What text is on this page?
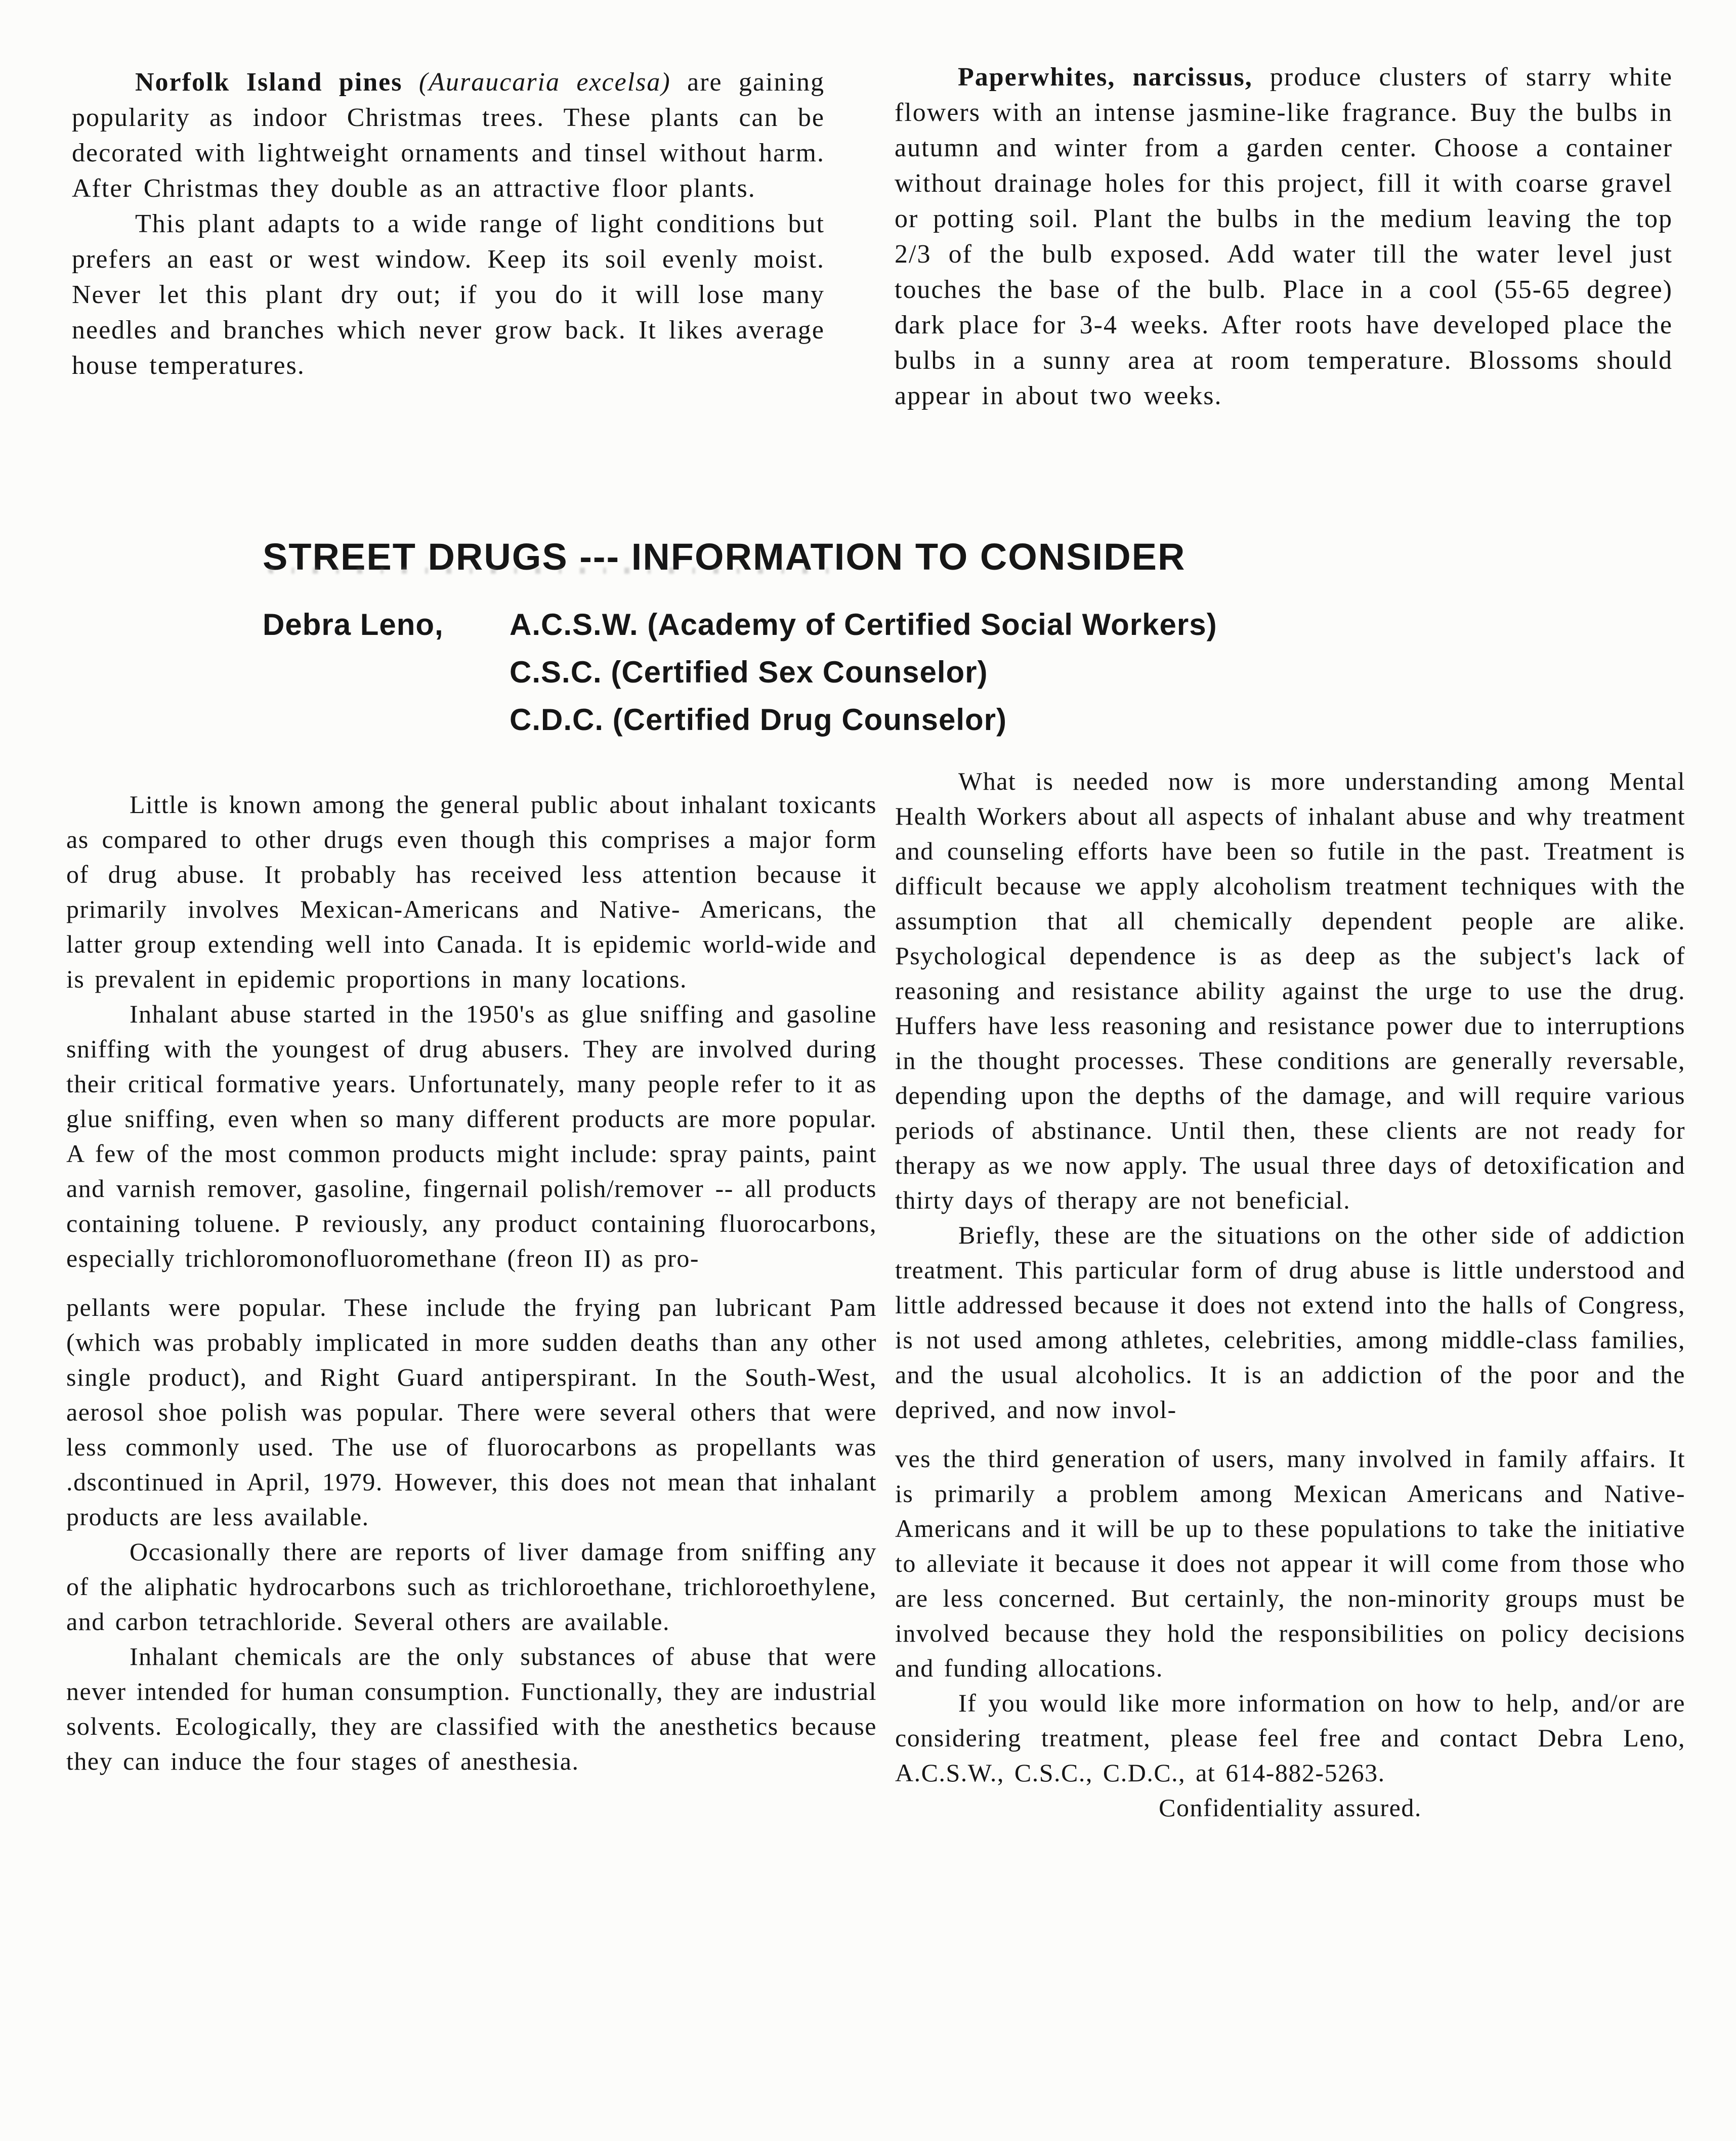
Norfolk Island pines (Auraucaria excelsa) are gaining popularity as indoor Christmas trees. These plants can be decorated with lightweight ornaments and tinsel without harm. After Christmas they double as an attractive floor plants.

This plant adapts to a wide range of light conditions but prefers an east or west window. Keep its soil evenly moist. Never let this plant dry out; if you do it will lose many needles and branches which never grow back. It likes average house temperatures.

Paperwhites, narcissus, produce clusters of starry white flowers with an intense jasmine-like fragrance. Buy the bulbs in autumn and winter from a garden center. Choose a container without drainage holes for this project, fill it with coarse gravel or potting soil. Plant the bulbs in the medium leaving the top 2/3 of the bulb exposed. Add water till the water level just touches the base of the bulb. Place in a cool (55-65 degree) dark place for 3-4 weeks. After roots have developed place the bulbs in a sunny area at room temperature. Blossoms should appear in about two weeks.

STREET DRUGS --- INFORMATION TO CONSIDER
Debra Leno,	A.C.S.W. (Academy of Certified Social Workers)
C.S.C. (Certified Sex Counselor)
C.D.C. (Certified Drug Counselor)

Little is known among the general public about inhalant toxicants as compared to other drugs even though this comprises a major form of drug abuse. It probably has received less attention because it primarily involves Mexican-Americans and Native- Americans, the latter group extending well into Canada. It is epidemic world-wide and is prevalent in epidemic proportions in many locations.

Inhalant abuse started in the 1950's as glue sniffing and gasoline sniffing with the youngest of drug abusers. They are involved during their critical formative years. Unfortunately, many people refer to it as glue sniffing, even when so many different products are more popular. A few of the most common products might include: spray paints, paint and varnish remover, gasoline, fingernail polish/remover -- all products containing toluene. P reviously, any product containing fluorocarbons, especially trichloromonofluoromethane (freon II) as pro-

pellants were popular. These include the frying pan lubricant Pam (which was probably implicated in more sudden deaths than any other single product), and Right Guard antiperspirant. In the South-West, aerosol shoe polish was popular. There were several others that were less commonly used. The use of fluorocarbons as propellants was .dscontinued in April, 1979. However, this does not mean that inhalant products are less available.

Occasionally there are reports of liver damage from sniffing any of the aliphatic hydrocarbons such as trichloroethane, trichloroethylene, and carbon tetrachloride. Several others are available.

Inhalant chemicals are the only substances of abuse that were never intended for human consumption. Functionally, they are industrial solvents. Ecologically, they are classified with the anesthetics because they can induce the four stages of anesthesia.

What is needed now is more understanding among Mental Health Workers about all aspects of inhalant abuse and why treatment and counseling efforts have been so futile in the past. Treatment is difficult because we apply alcoholism treatment techniques with the assumption that all chemically dependent people are alike. Psychological dependence is as deep as the subject's lack of reasoning and resistance ability against the urge to use the drug. Huffers have less reasoning and resistance power due to interruptions in the thought processes. These conditions are generally reversable, depending upon the depths of the damage, and will require various periods of abstinance. Until then, these clients are not ready for therapy as we now apply. The usual three days of detoxification and thirty days of therapy are not beneficial.

Briefly, these are the situations on the other side of addiction treatment. This particular form of drug abuse is little understood and little addressed because it does not extend into the halls of Congress, is not used among athletes, celebrities, among middle-class families, and the usual alcoholics. It is an addiction of the poor and the deprived, and now invol-

ves the third generation of users, many involved in family affairs. It is primarily a problem among Mexican Americans and Native-Americans and it will be up to these populations to take the initiative to alleviate it because it does not appear it will come from those who are less concerned. But certainly, the non-minority groups must be involved because they hold the responsibilities on policy decisions and funding allocations.

If you would like more information on how to help, and/or are considering treatment, please feel free and contact Debra Leno, A.C.S.W., C.S.C., C.D.C., at 614-882-5263.

Confidentiality assured.
